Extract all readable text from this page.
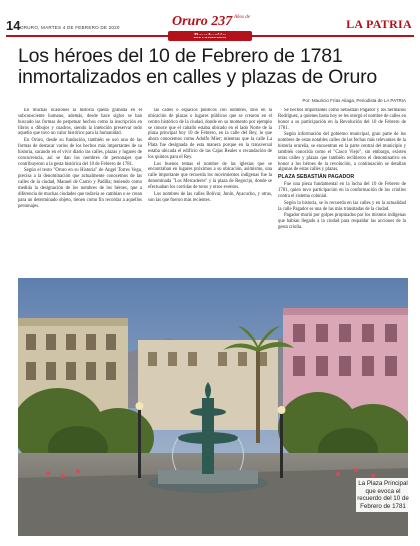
14 ORURO, MARTES 4 DE FEBRERO DE 2020	Oruro 237 Años de	LA PATRIA
Los héroes del 10 de Febrero de 1781 inmortalizados en calles y plazas de Oruro
Por: Mauricio Frías Aliaga, Periodista de LA PATRIA

En muchas ocasiones la historia queda grabada en el subconsciente humano, además, desde hace siglos se han buscado las formas de perpetuar hechos como la inscripción en libros o dibujos y cuadros, siendo la intención preservar todo aquello que tuvo un valor histórico para la humanidad.

En Oruro, desde su fundación, también se usó una de las formas de destacar varios de los hechos más importantes de su historia, sacando en el vivir diario las calles, plazas y lugares de concurrencia, así se dan los nombres de personajes que contribuyeron a la gesta histórica del 10 de Febrero de 1781.

Según el texto "Oruro en su Historia" de Angel Torres Vega, precisa a la denominación que actualmente conocemos de las calles de la ciudad, Manuel de Castro y Padilla; teniendo como medida la designación de los nombres de los héroes, que a diferencia de muchas ciudades que todavía se cambian o se crean para un determinado objeto, tienen como fin recordar a aquellos personajes.

las calles o espacios públicos con nombres, sino en la ubicación de plazas o lugares públicos que se crearon en el centro histórico de la ciudad, donde en su momento por ejemplo se conoce que el caballo estaba ubicado en el lado Norte de la plaza principal hoy 10 de Febrero, en la calle del Rey, lo que ahora conocemos como Adolfo Mier; mientras que la calle La Plata fue designada de esta manera porque en la transversal estaba ubicada el edificio de las Cajas Reales o recaudación de los quintos para el Rey.

Los buenos temas el nombre de las iglesias que se encontraban en lugares próximos a su ubicación, asimismo, una calle importante que recuerda los movimientos indígenas fue la denominada "Los Mercaderes" y la plaza de Regocijo, donde se efectuaban los corridas de toros y otros eventos.

Los nombres de las calles Bolívar, Junín, Ayacucho, y otras, son las que fueron más recientes.

Se hechos importantes como Sebastián Pagador y los hermanos Rodríguez, a quienes hasta hoy se les otorgó el nombre de calles en honor a su participación en la Revolución del 10 de Febrero de 1781.

Según información del gobierno municipal, gran parte de los nombres de estas notables calles de las fechas más relevantes de la historia orureña, se encuentran en la parte central del municipio y también conocida como el "Casco Viejo", sin embargo, existen otras calles y plazas que también recibieron el denominativo en honor a los héroes de la revolución, a continuación se detallan algunas de estas calles y plazas.

PLAZA SEBASTIÁN PAGADOR

Fue una pieza fundamental en la lucha del 10 de Febrero de 1781, quien tuvo participación en la conformación de los criollos contra el sistema colonial.

Según la historia, se lo recuerda en las calles y en la actualidad la calle Pagador es una de las más transitadas de la ciudad.

Pagador murió por golpes propinados por los mismos indígenas que habían llegado a la ciudad para respaldar las acciones de la gesta criolla.

La Plaza Principal que evoca el recuerdo del 10 de Febrero de 1781
